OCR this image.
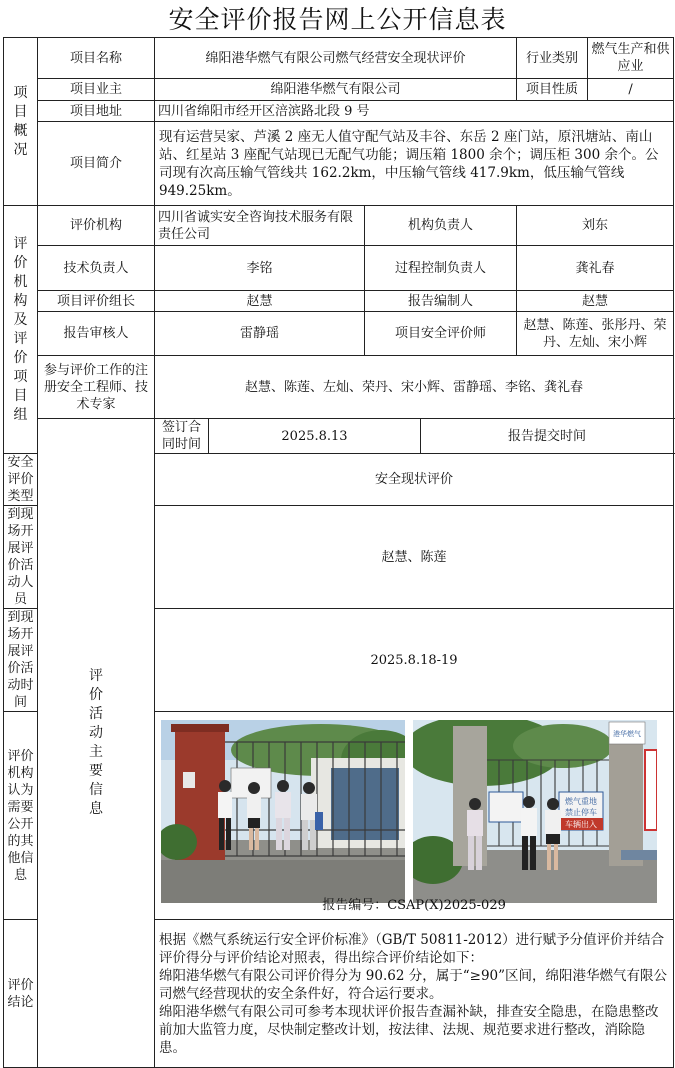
安全评价报告网上公开信息表
项目概况	项目名称	绵阳港华燃气有限公司燃气经营安全现状评价				行业类别	燃气生产和供应业	
	项目业主	绵阳港华燃气有限公司				项目性质	/	
	项目地址	四川省绵阳市经开区涪滨路北段 9 号						
	项目简介	现有运营吴家、芦溪 2 座无人值守配气站及丰谷、东岳 2 座门站，原汛塘站、南山站、红星站 3 座配气站现已无配气功能；调压箱 1800 余个；调压柜 300 余个。公司现有次高压输气管线共 162.2km，中压输气管线 417.9km，低压输气管线 949.25km。						

评价机构及评价项目组	评价机构	四川省诚实安全咨询技术服务有限责任公司		机构负责人		刘东		
	技术负责人	李铭		过程控制负责人		龚礼春		
	项目评价组长	赵慧		报告编制人		赵慧		
	报告审核人	雷静瑶		项目安全评价师		赵慧、陈莲、张彤丹、荣丹、左灿、宋小辉		
	参与评价工作的注册安全工程师、技术专家	赵慧、陈莲、左灿、荣丹、宋小辉、雷静瑶、李铭、龚礼春						

	评价活动主要信息	签订合同时间	2025.8.13		报告提交时间	
安全评价类型		安全现状评价						
到现场开展评价活动人员		赵慧、陈莲						
到现场开展评价活动时间		2025.8.18-19						
评价机构认为需要公开的其他信息		燃气重地
禁止停车
车辆出入
港华燃气
报告编号：CSAP(X)2025-029						

评价结论		根据《燃气系统运行安全评价标准》（GB/T 50811-2012）进行赋予分值评价并结合评价得分与评价结论对照表，得出综合评价结论如下：

绵阳港华燃气有限公司评价得分为 90.62 分，属于“≥90”区间，绵阳港华燃气有限公司燃气经营现状的安全条件好，符合运行要求。

绵阳港华燃气有限公司可参考本现状评价报告查漏补缺，排查安全隐患，在隐患整改前加大监管力度，尽快制定整改计划，按法律、法规、规范要求进行整改，消除隐患。						
